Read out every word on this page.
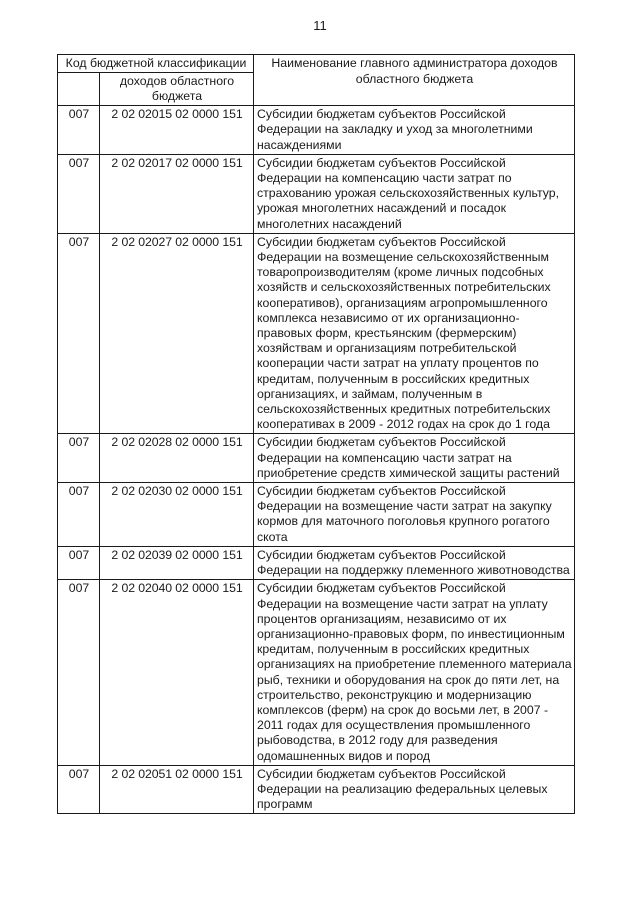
11
Код бюджетной классификации		Наименование главного администратора доходов областного бюджета
	доходов областного бюджета	
007	2 02 02015 02 0000 151	Субсидии бюджетам субъектов Российской Федерации на закладку и уход за многолетними насаждениями

007	2 02 02017 02 0000 151	Субсидии бюджетам субъектов Российской Федерации на компенсацию части затрат по страхованию урожая сельскохозяйственных культур, урожая многолетних насаждений и посадок многолетних насаждений

007	2 02 02027 02 0000 151	Субсидии бюджетам субъектов Российской Федерации на возмещение сельскохозяйственным товаропроизводителям (кроме личных подсобных хозяйств и сельскохозяйственных потребительских кооперативов), организациям агропромышленного комплекса независимо от их организационно-правовых форм, крестьянским (фермерским) хозяйствам и организациям потребительской кооперации части затрат на уплату процентов по кредитам, полученным в российских кредитных организациях, и займам, полученным в сельскохозяйственных кредитных потребительских кооперативах в 2009 - 2012 годах на срок до 1 года

007	2 02 02028 02 0000 151	Субсидии бюджетам субъектов Российской Федерации на компенсацию части затрат на приобретение средств химической защиты растений

007	2 02 02030 02 0000 151	Субсидии бюджетам субъектов Российской Федерации на возмещение части затрат на закупку кормов для маточного поголовья крупного рогатого скота

007	2 02 02039 02 0000 151	Субсидии бюджетам субъектов Российской Федерации на поддержку племенного животноводства

007	2 02 02040 02 0000 151	Субсидии бюджетам субъектов Российской Федерации на возмещение части затрат на уплату процентов организациям, независимо от их организационно-правовых форм, по инвестиционным кредитам, полученным в российских кредитных организациях на приобретение племенного материала рыб, техники и оборудования на срок до пяти лет, на строительство, реконструкцию и модернизацию комплексов (ферм) на срок до восьми лет, в 2007 - 2011 годах для осуществления промышленного рыбоводства, в 2012 году для разведения одомашненных видов и пород

007	2 02 02051 02 0000 151	Субсидии бюджетам субъектов Российской Федерации на реализацию федеральных целевых программ
